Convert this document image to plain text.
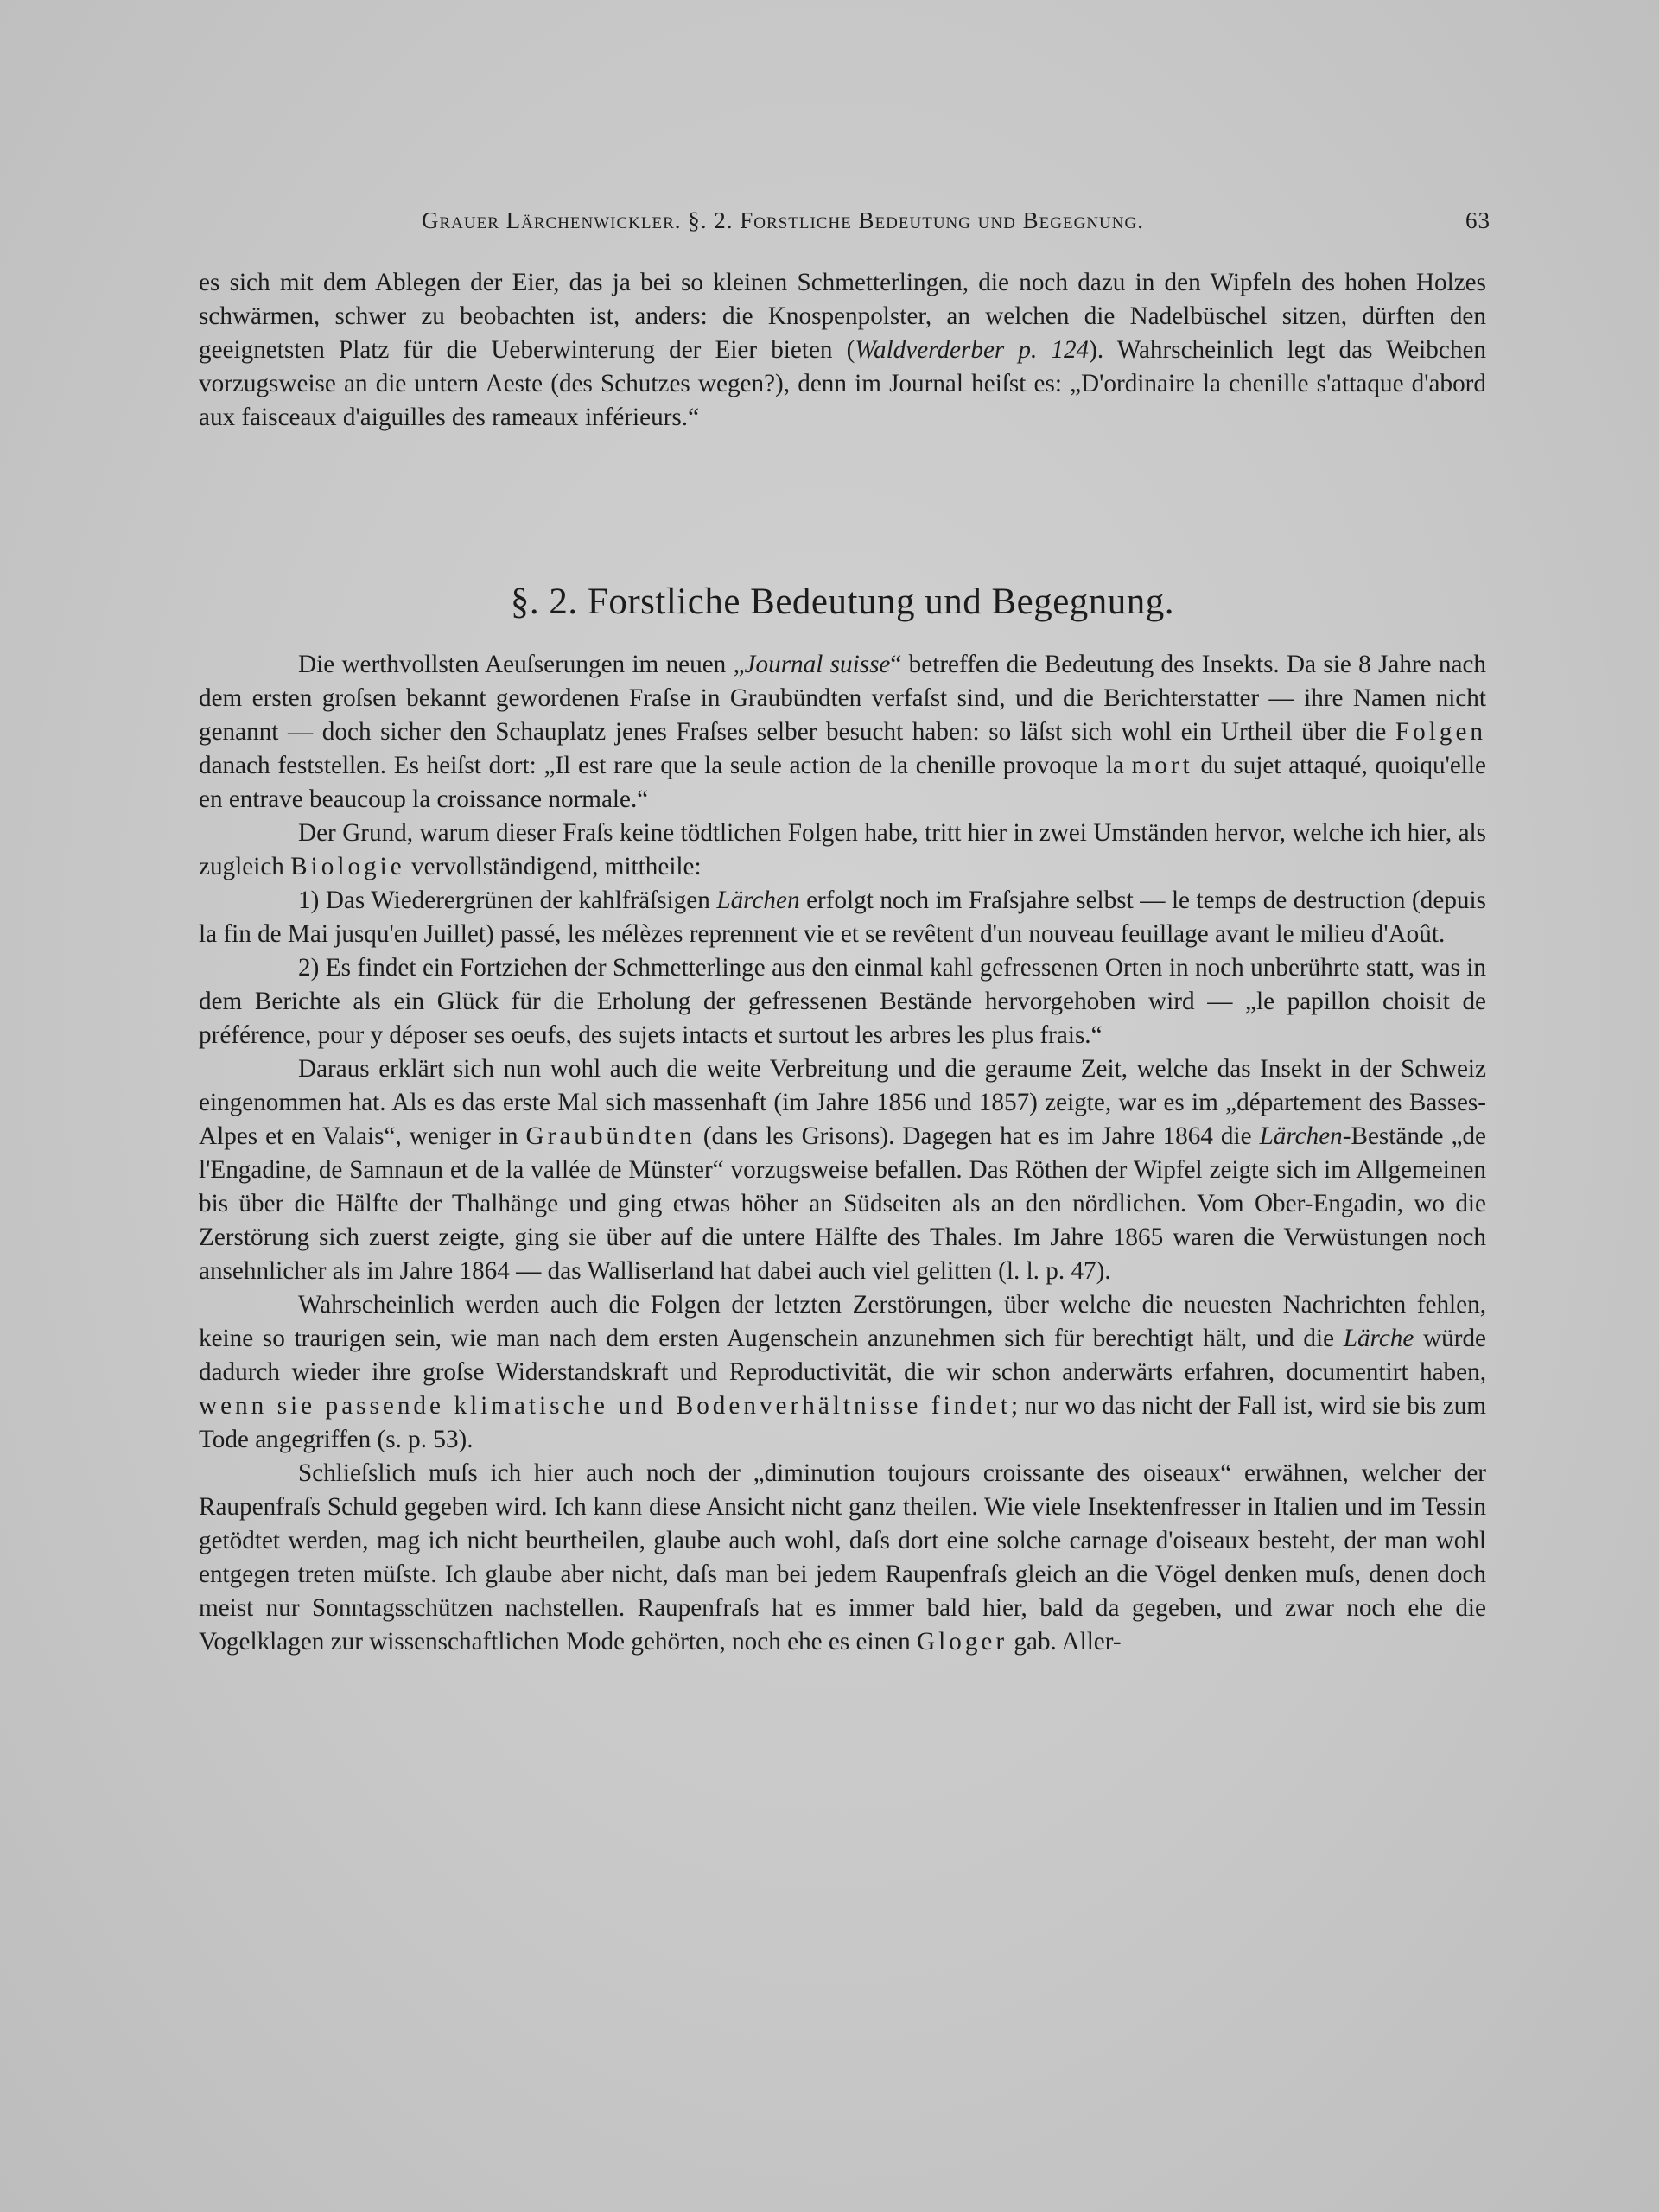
Grauer Lärchenwickler. §. 2. Forstliche Bedeutung und Begegnung.	63

es sich mit dem Ablegen der Eier, das ja bei so kleinen Schmetterlingen, die noch dazu in den Wipfeln des hohen Holzes schwärmen, schwer zu beobachten ist, anders: die Knospenpolster, an welchen die Nadelbüschel sitzen, dürften den geeignetsten Platz für die Ueberwinterung der Eier bieten (Waldverderber p. 124). Wahrscheinlich legt das Weibchen vorzugsweise an die untern Aeste (des Schutzes wegen?), denn im Journal heiſst es: „D'ordinaire la chenille s'attaque d'abord aux faisceaux d'aiguilles des rameaux inférieurs.“

§. 2. Forstliche Bedeutung und Begegnung.

Die werthvollsten Aeuſserungen im neuen „Journal suisse“ betreffen die Bedeutung des Insekts. Da sie 8 Jahre nach dem ersten groſsen bekannt gewordenen Fraſse in Graubündten verfaſst sind, und die Berichterstatter — ihre Namen nicht genannt — doch sicher den Schauplatz jenes Fraſses selber besucht haben: so läſst sich wohl ein Urtheil über die Folgen danach feststellen. Es heiſst dort: „Il est rare que la seule action de la chenille provoque la mort du sujet attaqué, quoiqu'elle en entrave beaucoup la croissance normale.“

Der Grund, warum dieser Fraſs keine tödtlichen Folgen habe, tritt hier in zwei Umständen hervor, welche ich hier, als zugleich Biologie vervollständigend, mittheile:

1) Das Wiederergrünen der kahlfräſsigen Lärchen erfolgt noch im Fraſsjahre selbst — le temps de destruction (depuis la fin de Mai jusqu'en Juillet) passé, les mélèzes reprennent vie et se revêtent d'un nouveau feuillage avant le milieu d'Août.

2) Es findet ein Fortziehen der Schmetterlinge aus den einmal kahl gefressenen Orten in noch unberührte statt, was in dem Berichte als ein Glück für die Erholung der gefressenen Bestände hervorgehoben wird — „le papillon choisit de préférence, pour y déposer ses oeufs, des sujets intacts et surtout les arbres les plus frais.“

Daraus erklärt sich nun wohl auch die weite Verbreitung und die geraume Zeit, welche das Insekt in der Schweiz eingenommen hat. Als es das erste Mal sich massenhaft (im Jahre 1856 und 1857) zeigte, war es im „département des Basses-Alpes et en Valais“, weniger in Graubündten (dans les Grisons). Dagegen hat es im Jahre 1864 die Lärchen-Bestände „de l'Engadine, de Samnaun et de la vallée de Münster“ vorzugsweise befallen. Das Röthen der Wipfel zeigte sich im Allgemeinen bis über die Hälfte der Thalhänge und ging etwas höher an Südseiten als an den nördlichen. Vom Ober-Engadin, wo die Zerstörung sich zuerst zeigte, ging sie über auf die untere Hälfte des Thales. Im Jahre 1865 waren die Verwüstungen noch ansehnlicher als im Jahre 1864 — das Walliserland hat dabei auch viel gelitten (l. l. p. 47).

Wahrscheinlich werden auch die Folgen der letzten Zerstörungen, über welche die neuesten Nachrichten fehlen, keine so traurigen sein, wie man nach dem ersten Augenschein anzunehmen sich für berechtigt hält, und die Lärche würde dadurch wieder ihre groſse Widerstandskraft und Reproductivität, die wir schon anderwärts erfahren, documentirt haben, wenn sie passende klimatische und Bodenverhältnisse findet; nur wo das nicht der Fall ist, wird sie bis zum Tode angegriffen (s. p. 53).

Schlieſslich muſs ich hier auch noch der „diminution toujours croissante des oiseaux“ erwähnen, welcher der Raupenfraſs Schuld gegeben wird. Ich kann diese Ansicht nicht ganz theilen. Wie viele Insektenfresser in Italien und im Tessin getödtet werden, mag ich nicht beurtheilen, glaube auch wohl, daſs dort eine solche carnage d'oiseaux besteht, der man wohl entgegen treten müſste. Ich glaube aber nicht, daſs man bei jedem Raupenfraſs gleich an die Vögel denken muſs, denen doch meist nur Sonntagsschützen nachstellen. Raupenfraſs hat es immer bald hier, bald da gegeben, und zwar noch ehe die Vogelklagen zur wissenschaftlichen Mode gehörten, noch ehe es einen Gloger gab. Aller-
